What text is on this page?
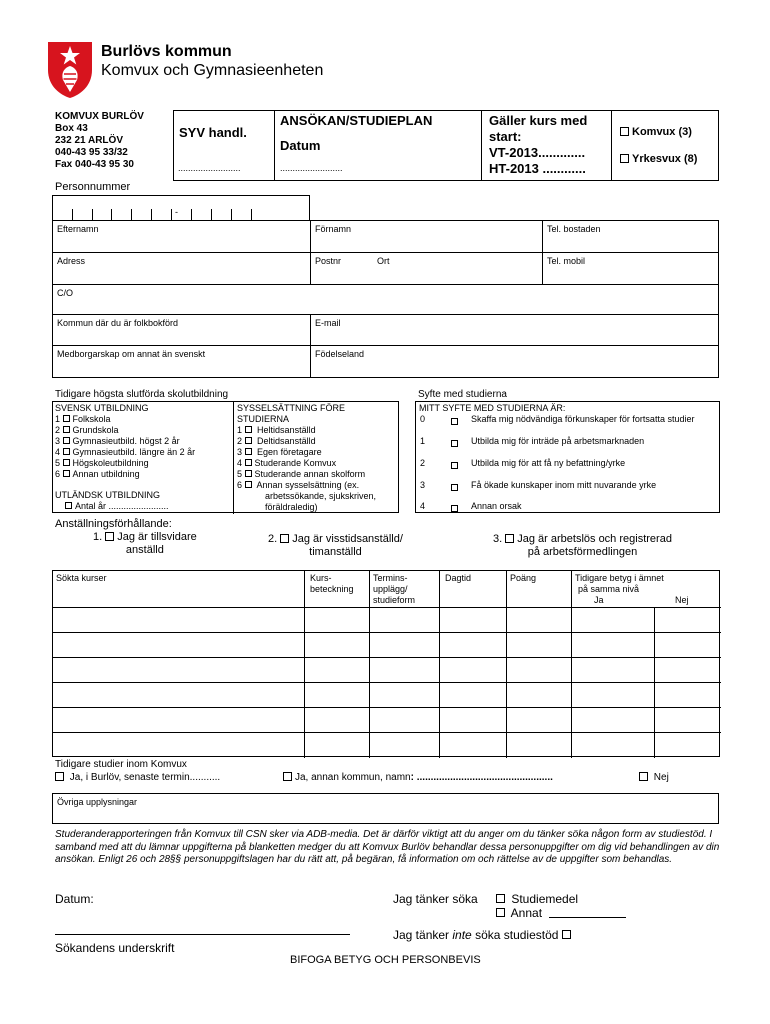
Burlövs kommun
Komvux och Gymnasieenheten
KOMVUX BURLÖV
Box 43
232 21 ARLÖV
040-43 95 33/32
Fax 040-43 95 30
SYV handl.
.........................
ANSÖKAN/STUDIEPLAN
Datum
.........................
Gäller kurs med
start:
VT-2013.............
HT-2013 ............
Komvux (3)
Yrkesvux (8)
Personnummer
-
Efternamn	Förnamn	Tel. bostaden
Adress	Postnr	Ort	Tel. mobil
C/O
Kommun där du är folkbokförd	E-mail
Medborgarskap om annat än svenskt	Födelseland
Tidigare högsta slutförda skolutbildning
SVENSK UTBILDNING
1 Folkskola
2 Grundskola
3 Gymnasieutbild. högst 2 år
4 Gymnasieutbild. längre än 2 år
5 Högskoleutbildning
6 Annan utbildning
UTLÄNDSK UTBILDNING
Antal år ........................
SYSSELSÄTTNING FÖRE
STUDIERNA
1 Heltidsanställd
2 Deltidsanställd
3 Egen företagare
4 Studerande Komvux
5 Studerande annan skolform
6 Annan sysselsättning (ex.
arbetssökande, sjukskriven,
föräldraledig)
Syfte med studierna
MITT SYFTE MED STUDIERNA ÄR:
0	Skaffa mig nödvändiga förkunskaper för fortsatta studier
1	Utbilda mig för inträde på arbetsmarknaden
2	Utbilda mig för att få ny befattning/yrke
3	Få ökade kunskaper inom mitt nuvarande yrke
4	Annan orsak
Anställningsförhållande:
1. Jag är tillsvidare
anställd
2. Jag är visstidsanställd/
timanställd
3. Jag är arbetslös och registrerad
på arbetsförmedlingen
Sökta kurser	Kurs-
beteckning
Termins-
upplägg/
studieform
Dagtid	Poäng	Tidigare betyg i ämnet
på samma nivå
Ja	Nej
Tidigare studier inom Komvux
Ja, i Burlöv, senaste termin...........	Ja, annan kommun, namn: .................................................	Nej
Övriga upplysningar
Studeranderapporteringen från Komvux till CSN sker via ADB-media. Det är därför viktigt att du anger om du tänker söka någon form av studiestöd. I samband med att du lämnar uppgifterna på blanketten medger du att Komvux Burlöv behandlar dessa personuppgifter om dig vid behandlingen av din ansökan. Enligt 26 och 28§§ personuppgiftslagen har du rätt att, på begäran, få information om och rättelse av de uppgifter som behandlas.
Datum:	Jag tänker söka	Studiemedel
Annat
Jag tänker inte söka studiestöd
Sökandens underskrift
BIFOGA BETYG OCH PERSONBEVIS
